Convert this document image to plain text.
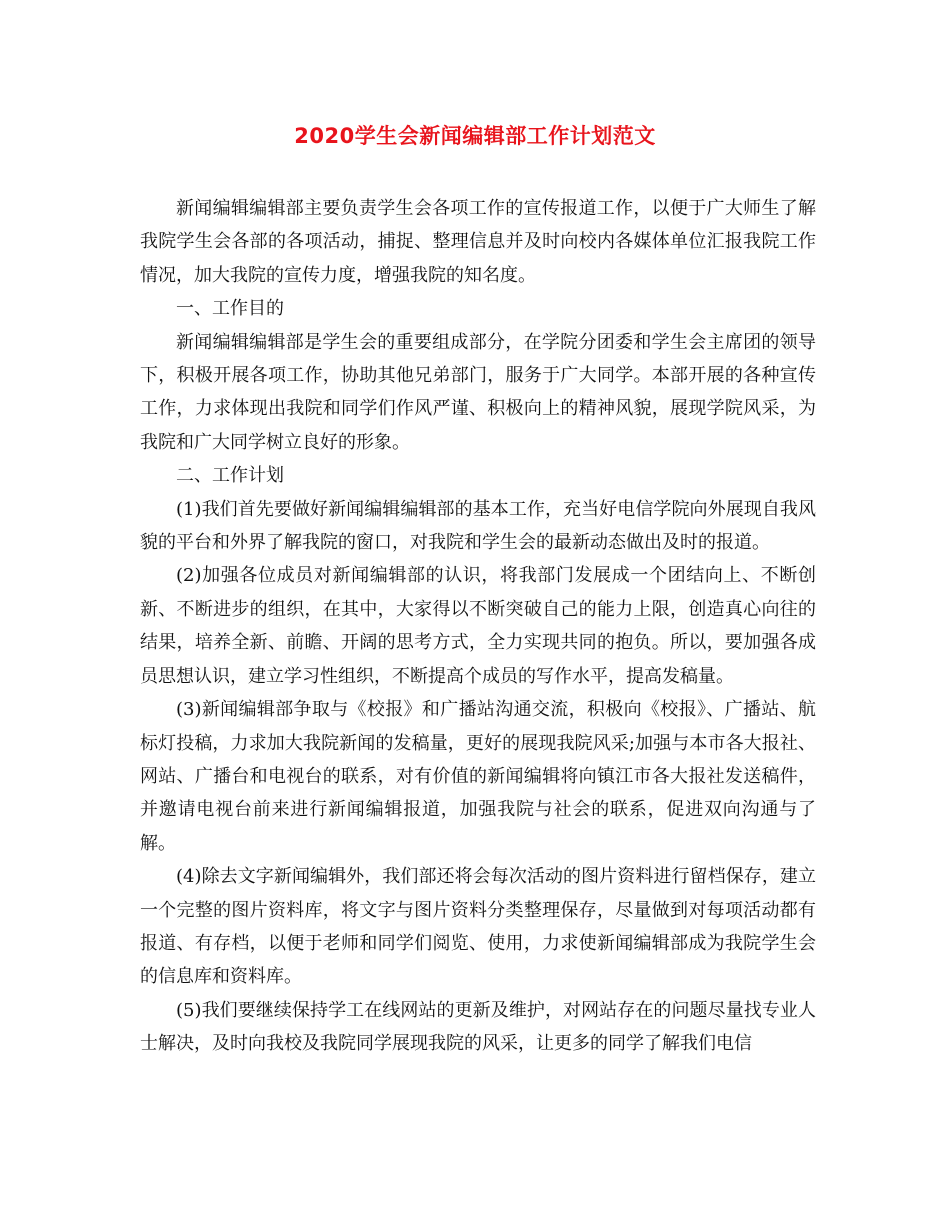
2020学生会新闻编辑部工作计划范文

新闻编辑编辑部主要负责学生会各项工作的宣传报道工作，以便于广大师生了解我院学生会各部的各项活动，捕捉、整理信息并及时向校内各媒体单位汇报我院工作情况，加大我院的宣传力度，增强我院的知名度。

一、工作目的

新闻编辑编辑部是学生会的重要组成部分，在学院分团委和学生会主席团的领导下，积极开展各项工作，协助其他兄弟部门，服务于广大同学。本部开展的各种宣传工作，力求体现出我院和同学们作风严谨、积极向上的精神风貌，展现学院风采，为我院和广大同学树立良好的形象。

二、工作计划

(1)我们首先要做好新闻编辑编辑部的基本工作，充当好电信学院向外展现自我风貌的平台和外界了解我院的窗口，对我院和学生会的最新动态做出及时的报道。

(2)加强各位成员对新闻编辑部的认识，将我部门发展成一个团结向上、不断创新、不断进步的组织，在其中，大家得以不断突破自己的能力上限，创造真心向往的结果，培养全新、前瞻、开阔的思考方式，全力实现共同的抱负。所以，要加强各成员思想认识，建立学习性组织，不断提高个成员的写作水平，提高发稿量。

(3)新闻编辑部争取与《校报》和广播站沟通交流，积极向《校报》、广播站、航标灯投稿，力求加大我院新闻的发稿量，更好的展现我院风采;加强与本市各大报社、网站、广播台和电视台的联系，对有价值的新闻编辑将向镇江市各大报社发送稿件，并邀请电视台前来进行新闻编辑报道，加强我院与社会的联系，促进双向沟通与了解。

(4)除去文字新闻编辑外，我们部还将会每次活动的图片资料进行留档保存，建立一个完整的图片资料库，将文字与图片资料分类整理保存，尽量做到对每项活动都有报道、有存档，以便于老师和同学们阅览、使用，力求使新闻编辑部成为我院学生会的信息库和资料库。

(5)我们要继续保持学工在线网站的更新及维护，对网站存在的问题尽量找专业人士解决，及时向我校及我院同学展现我院的风采，让更多的同学了解我们电信
